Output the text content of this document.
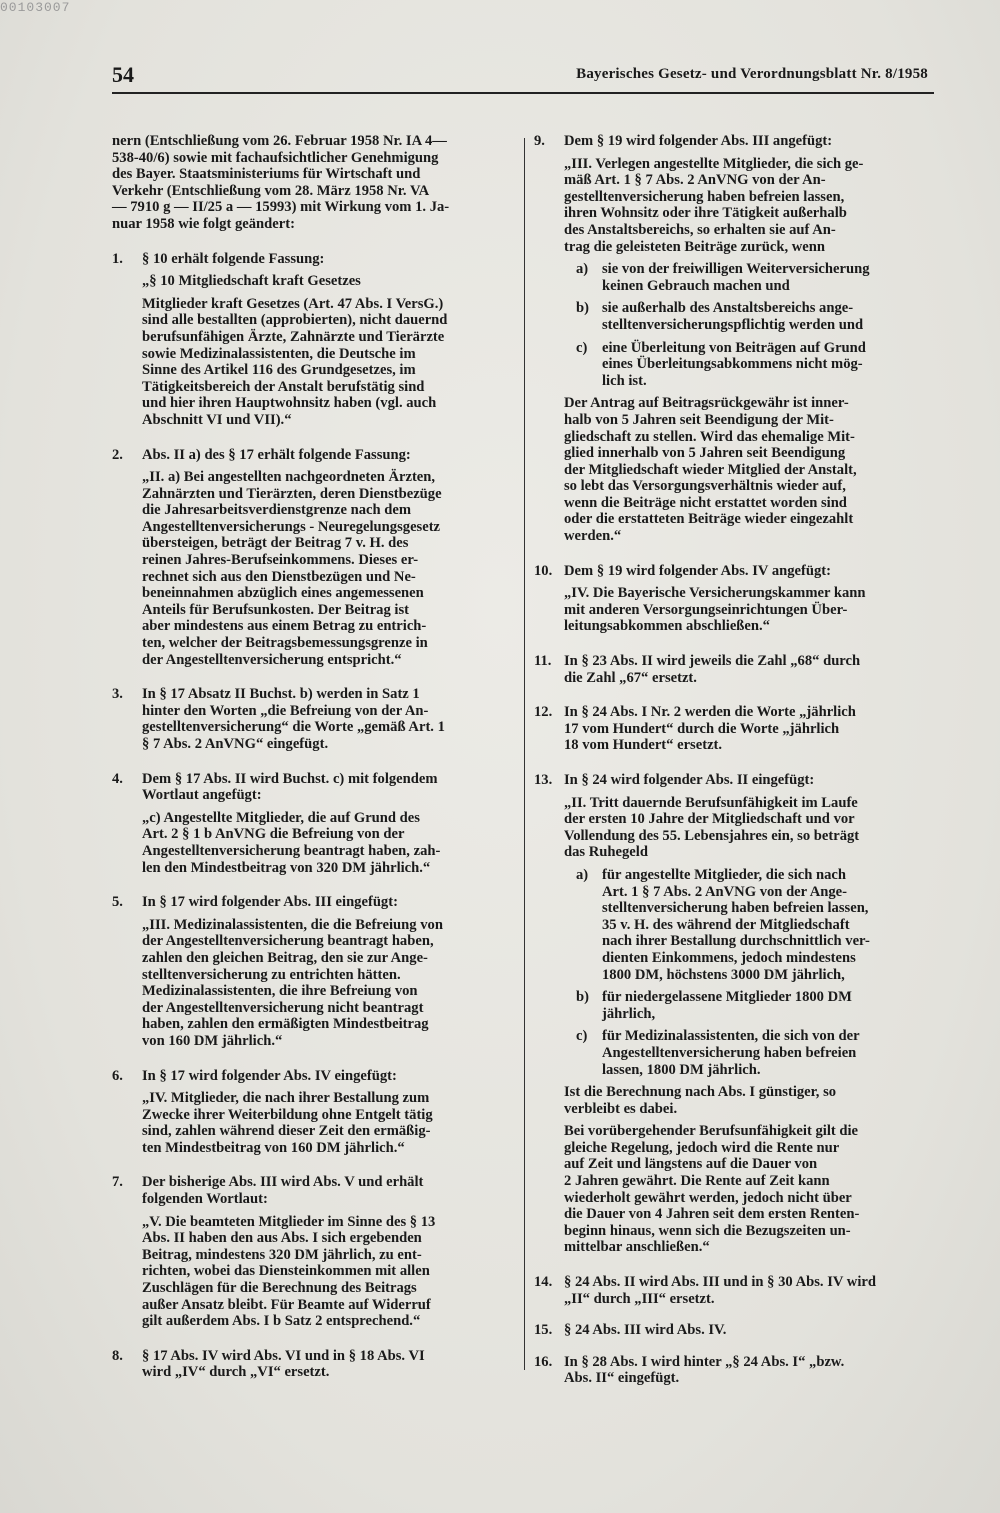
00103007
54	Bayerisches Gesetz- und Verordnungsblatt Nr. 8/1958

nern (Entschließung vom 26. Februar 1958 Nr. IA 4—
538-40/6) sowie mit fachaufsichtlicher Genehmigung
des Bayer. Staatsministeriums für Wirtschaft und
Verkehr (Entschließung vom 28. März 1958 Nr. VA
— 7910 g — II/25 a — 15993) mit Wirkung vom 1. Ja-
nuar 1958 wie folgt geändert:

1. § 10 erhält folgende Fassung:

„§ 10 Mitgliedschaft kraft Gesetzes

Mitglieder kraft Gesetzes (Art. 47 Abs. I VersG.)
sind alle bestallten (approbierten), nicht dauernd
berufsunfähigen Ärzte, Zahnärzte und Tierärzte
sowie Medizinalassistenten, die Deutsche im
Sinne des Artikel 116 des Grundgesetzes, im
Tätigkeitsbereich der Anstalt berufstätig sind
und hier ihren Hauptwohnsitz haben (vgl. auch
Abschnitt VI und VII).“

2. Abs. II a) des § 17 erhält folgende Fassung:

„II. a) Bei angestellten nachgeordneten Ärzten,
Zahnärzten und Tierärzten, deren Dienstbezüge
die Jahresarbeitsverdienstgrenze nach dem
Angestelltenversicherungs - Neuregelungsgesetz
übersteigen, beträgt der Beitrag 7 v. H. des
reinen Jahres-Berufseinkommens. Dieses er-
rechnet sich aus den Dienstbezügen und Ne-
beneinnahmen abzüglich eines angemessenen
Anteils für Berufsunkosten. Der Beitrag ist
aber mindestens aus einem Betrag zu entrich-
ten, welcher der Beitragsbemessungsgrenze in
der Angestelltenversicherung entspricht.“

3. In § 17 Absatz II Buchst. b) werden in Satz 1
hinter den Worten „die Befreiung von der An-
gestelltenversicherung“ die Worte „gemäß Art. 1
§ 7 Abs. 2 AnVNG“ eingefügt.

4. Dem § 17 Abs. II wird Buchst. c) mit folgendem
Wortlaut angefügt:

„c) Angestellte Mitglieder, die auf Grund des
Art. 2 § 1 b AnVNG die Befreiung von der
Angestelltenversicherung beantragt haben, zah-
len den Mindestbeitrag von 320 DM jährlich.“

5. In § 17 wird folgender Abs. III eingefügt:

„III. Medizinalassistenten, die die Befreiung von
der Angestelltenversicherung beantragt haben,
zahlen den gleichen Beitrag, den sie zur Ange-
stelltenversicherung zu entrichten hätten.
Medizinalassistenten, die ihre Befreiung von
der Angestelltenversicherung nicht beantragt
haben, zahlen den ermäßigten Mindestbeitrag
von 160 DM jährlich.“

6. In § 17 wird folgender Abs. IV eingefügt:

„IV. Mitglieder, die nach ihrer Bestallung zum
Zwecke ihrer Weiterbildung ohne Entgelt tätig
sind, zahlen während dieser Zeit den ermäßig-
ten Mindestbeitrag von 160 DM jährlich.“

7. Der bisherige Abs. III wird Abs. V und erhält
folgenden Wortlaut:

„V. Die beamteten Mitglieder im Sinne des § 13
Abs. II haben den aus Abs. I sich ergebenden
Beitrag, mindestens 320 DM jährlich, zu ent-
richten, wobei das Diensteinkommen mit allen
Zuschlägen für die Berechnung des Beitrags
außer Ansatz bleibt. Für Beamte auf Widerruf
gilt außerdem Abs. I b Satz 2 entsprechend.“

8. § 17 Abs. IV wird Abs. VI und in § 18 Abs. VI
wird „IV“ durch „VI“ ersetzt.

9. Dem § 19 wird folgender Abs. III angefügt:

„III. Verlegen angestellte Mitglieder, die sich ge-
mäß Art. 1 § 7 Abs. 2 AnVNG von der An-
gestelltenversicherung haben befreien lassen,
ihren Wohnsitz oder ihre Tätigkeit außerhalb
des Anstaltsbereichs, so erhalten sie auf An-
trag die geleisteten Beiträge zurück, wenn

a) sie von der freiwilligen Weiterversicherung
keinen Gebrauch machen und

b) sie außerhalb des Anstaltsbereichs ange-
stelltenversicherungspflichtig werden und

c) eine Überleitung von Beiträgen auf Grund
eines Überleitungsabkommens nicht mög-
lich ist.

Der Antrag auf Beitragsrückgewähr ist inner-
halb von 5 Jahren seit Beendigung der Mit-
gliedschaft zu stellen. Wird das ehemalige Mit-
glied innerhalb von 5 Jahren seit Beendigung
der Mitgliedschaft wieder Mitglied der Anstalt,
so lebt das Versorgungsverhältnis wieder auf,
wenn die Beiträge nicht erstattet worden sind
oder die erstatteten Beiträge wieder eingezahlt
werden.“

10. Dem § 19 wird folgender Abs. IV angefügt:

„IV. Die Bayerische Versicherungskammer kann
mit anderen Versorgungseinrichtungen Über-
leitungsabkommen abschließen.“

11. In § 23 Abs. II wird jeweils die Zahl „68“ durch
die Zahl „67“ ersetzt.

12. In § 24 Abs. I Nr. 2 werden die Worte „jährlich
17 vom Hundert“ durch die Worte „jährlich
18 vom Hundert“ ersetzt.

13. In § 24 wird folgender Abs. II eingefügt:

„II. Tritt dauernde Berufsunfähigkeit im Laufe
der ersten 10 Jahre der Mitgliedschaft und vor
Vollendung des 55. Lebensjahres ein, so beträgt
das Ruhegeld

a) für angestellte Mitglieder, die sich nach
Art. 1 § 7 Abs. 2 AnVNG von der Ange-
stelltenversicherung haben befreien lassen,
35 v. H. des während der Mitgliedschaft
nach ihrer Bestallung durchschnittlich ver-
dienten Einkommens, jedoch mindestens
1800 DM, höchstens 3000 DM jährlich,

b) für niedergelassene Mitglieder 1800 DM
jährlich,

c) für Medizinalassistenten, die sich von der
Angestelltenversicherung haben befreien
lassen, 1800 DM jährlich.

Ist die Berechnung nach Abs. I günstiger, so
verbleibt es dabei.

Bei vorübergehender Berufsunfähigkeit gilt die
gleiche Regelung, jedoch wird die Rente nur
auf Zeit und längstens auf die Dauer von
2 Jahren gewährt. Die Rente auf Zeit kann
wiederholt gewährt werden, jedoch nicht über
die Dauer von 4 Jahren seit dem ersten Renten-
beginn hinaus, wenn sich die Bezugszeiten un-
mittelbar anschließen.“

14. § 24 Abs. II wird Abs. III und in § 30 Abs. IV wird
„II“ durch „III“ ersetzt.

15. § 24 Abs. III wird Abs. IV.

16. In § 28 Abs. I wird hinter „§ 24 Abs. I“ „bzw.
Abs. II“ eingefügt.
